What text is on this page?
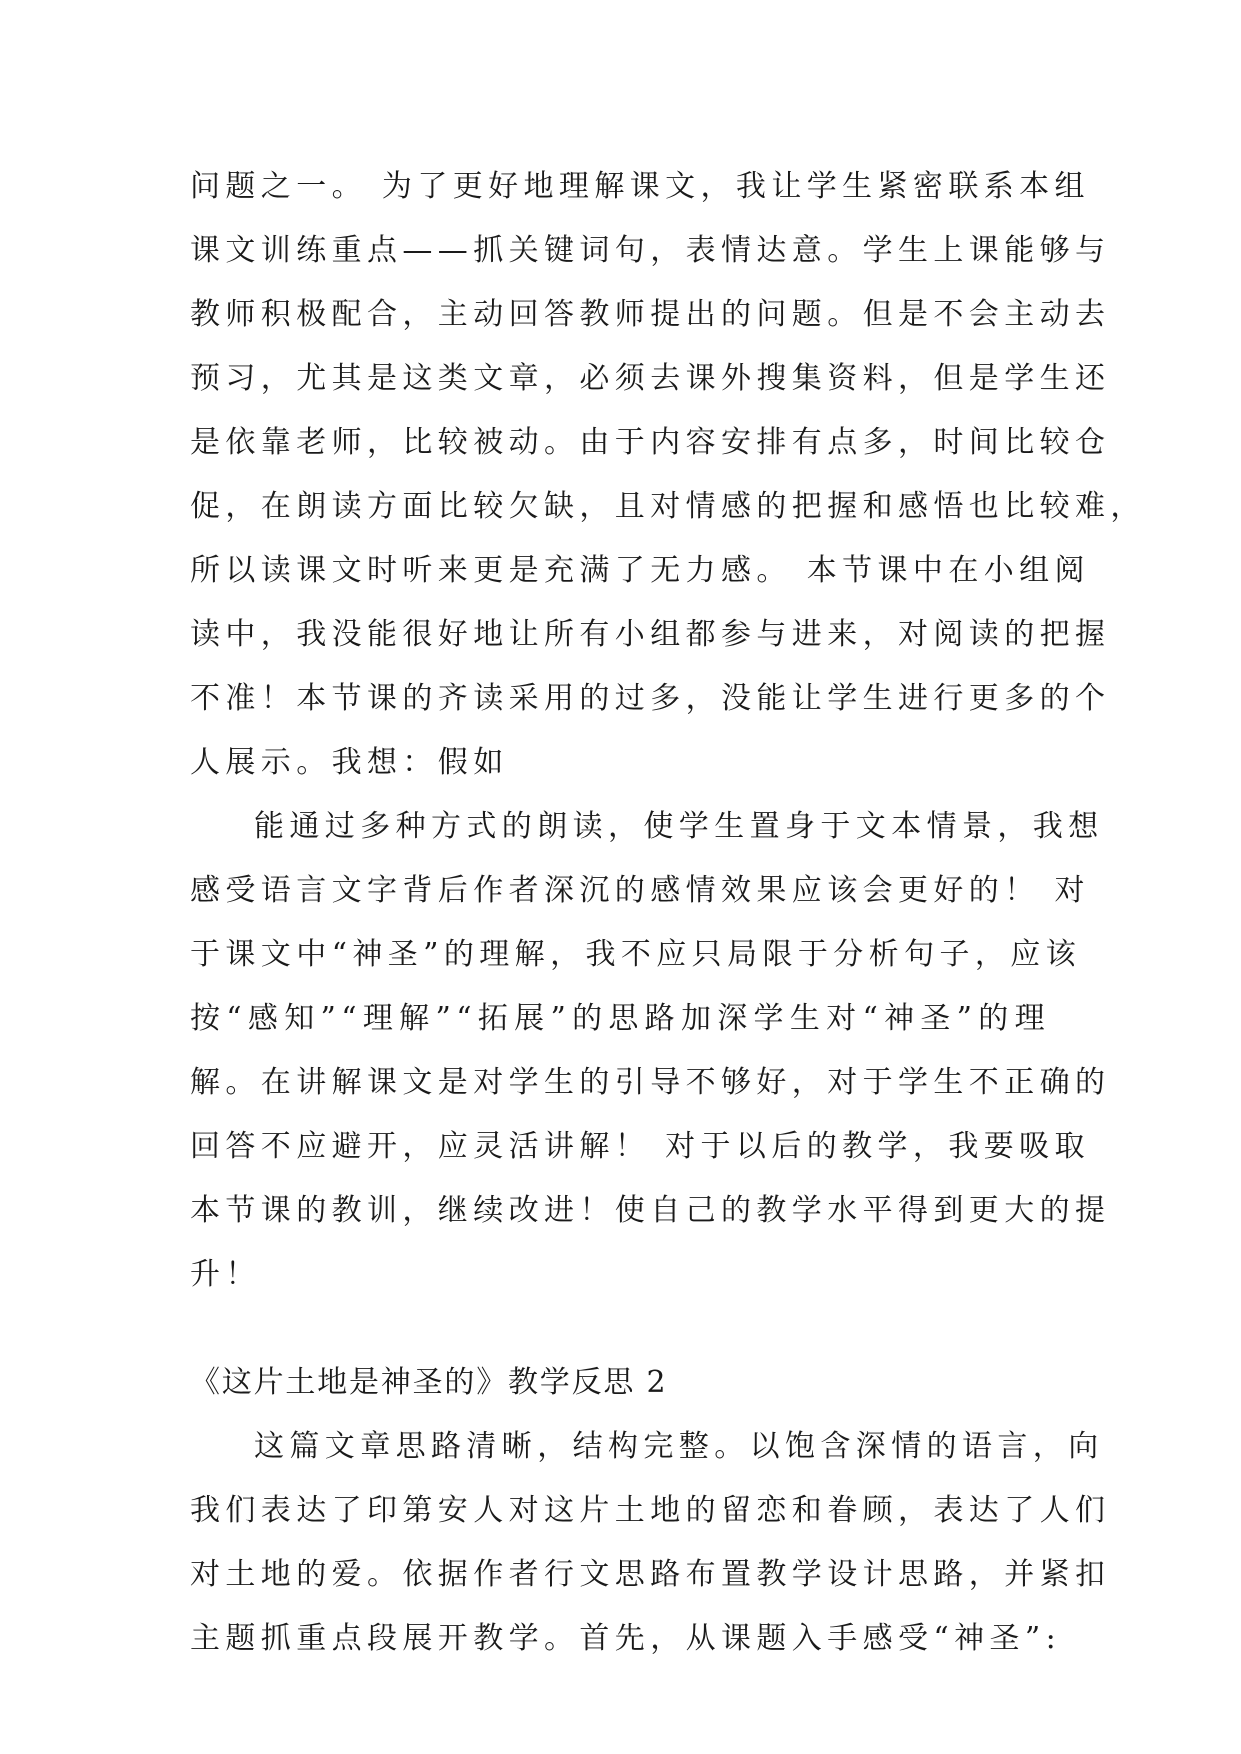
问题之一。 为了更好地理解课文，我让学生紧密联系本组
课文训练重点——抓关键词句，表情达意。学生上课能够与
教师积极配合，主动回答教师提出的问题。但是不会主动去
预习，尤其是这类文章，必须去课外搜集资料，但是学生还
是依靠老师，比较被动。由于内容安排有点多，时间比较仓
促，在朗读方面比较欠缺，且对情感的把握和感悟也比较难，
所以读课文时听来更是充满了无力感。 本节课中在小组阅
读中，我没能很好地让所有小组都参与进来，对阅读的把握
不准！本节课的齐读采用的过多，没能让学生进行更多的个
人展示。我想：假如
能通过多种方式的朗读，使学生置身于文本情景，我想
感受语言文字背后作者深沉的感情效果应该会更好的！ 对
于课文中“神圣”的理解，我不应只局限于分析句子，应该
按“感知”“理解”“拓展”的思路加深学生对“神圣”的理
解。在讲解课文是对学生的引导不够好，对于学生不正确的
回答不应避开，应灵活讲解！ 对于以后的教学，我要吸取
本节课的教训，继续改进！使自己的教学水平得到更大的提
升！
《这片土地是神圣的》教学反思 2
这篇文章思路清晰，结构完整。以饱含深情的语言，向
我们表达了印第安人对这片土地的留恋和眷顾，表达了人们
对土地的爱。依据作者行文思路布置教学设计思路，并紧扣
主题抓重点段展开教学。首先，从课题入手感受“神圣”:
